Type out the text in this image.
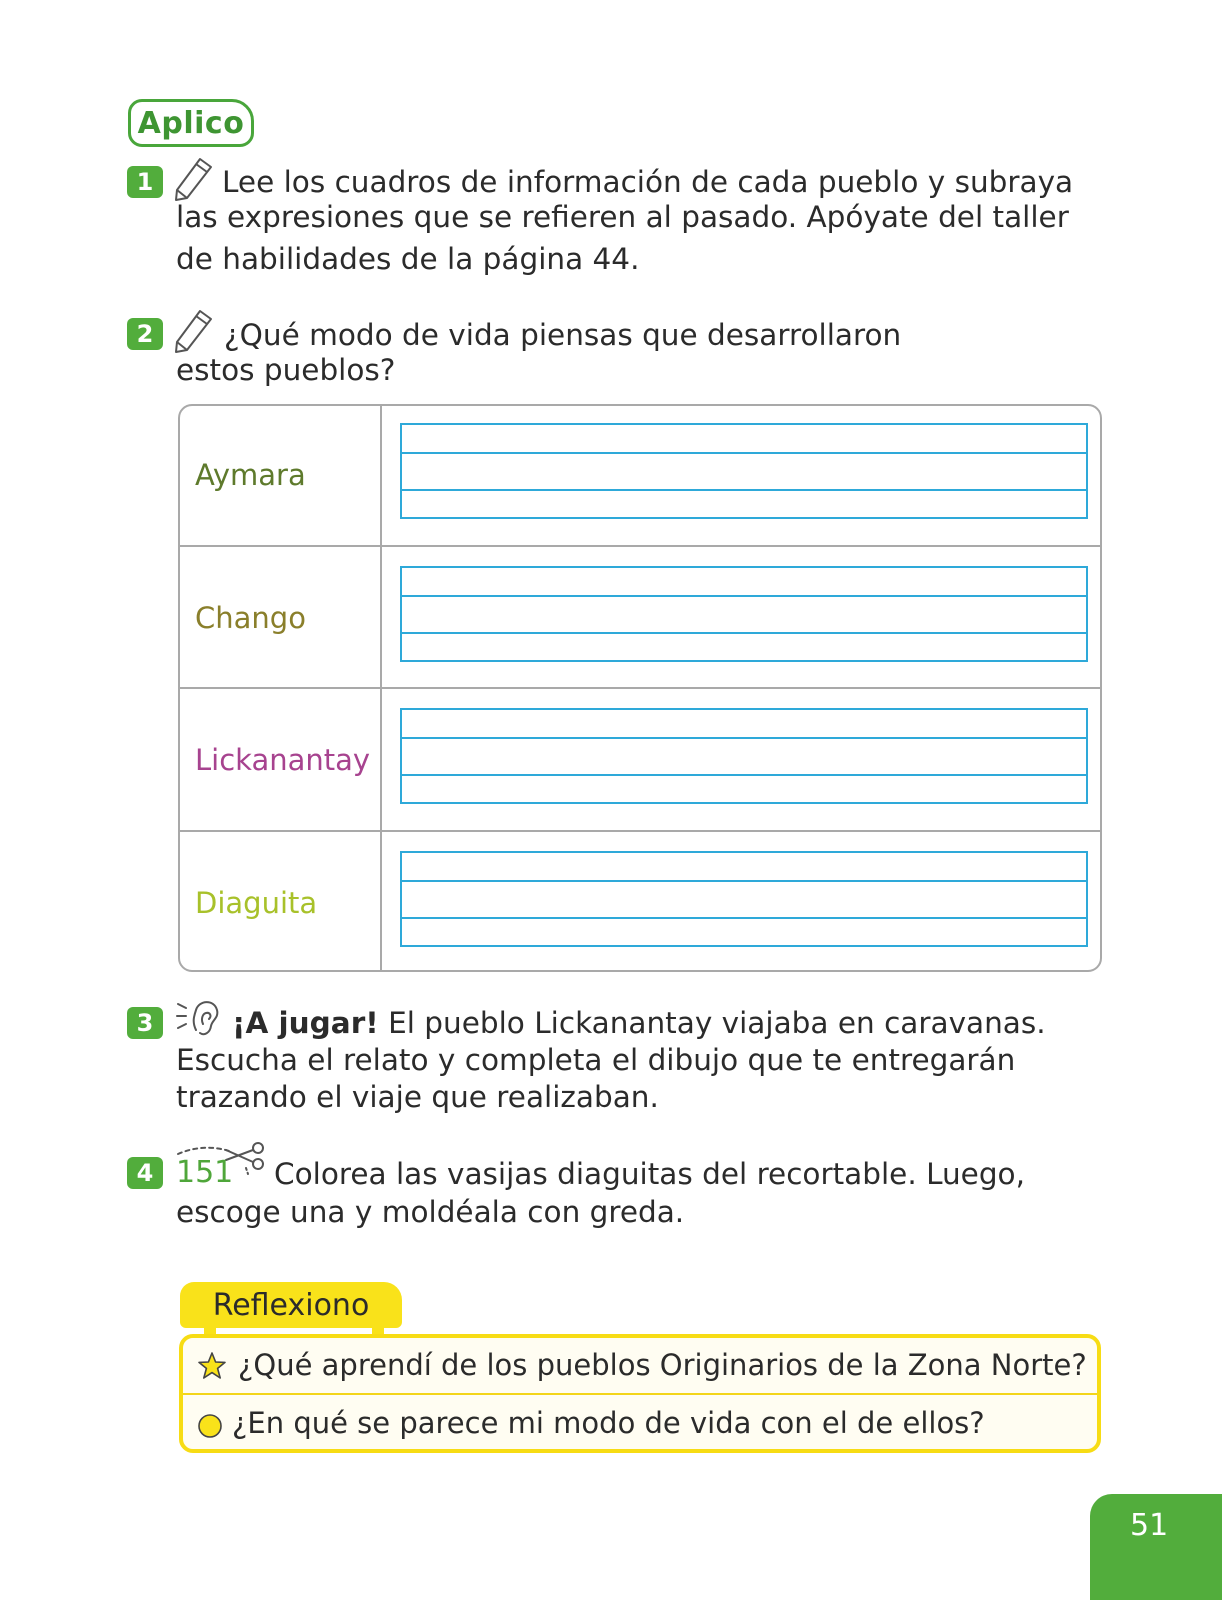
Aplico
1	Lee los cuadros de información de cada pueblo y subraya
las expresiones que se refieren al pasado. Apóyate del taller
de habilidades de la página 44.
2	¿Qué modo de vida piensas que desarrollaron
estos pueblos?
Aymara
Chango
Lickanantay
Diaguita
3	¡A jugar! El pueblo Lickanantay viajaba en caravanas.
Escucha el relato y completa el dibujo que te entregarán
trazando el viaje que realizaban.
4 151 Colorea las vasijas diaguitas del recortable. Luego,
escoge una y moldéala con greda.
Reflexiono
¿Qué aprendí de los pueblos Originarios de la Zona Norte?
¿En qué se parece mi modo de vida con el de ellos?
51
